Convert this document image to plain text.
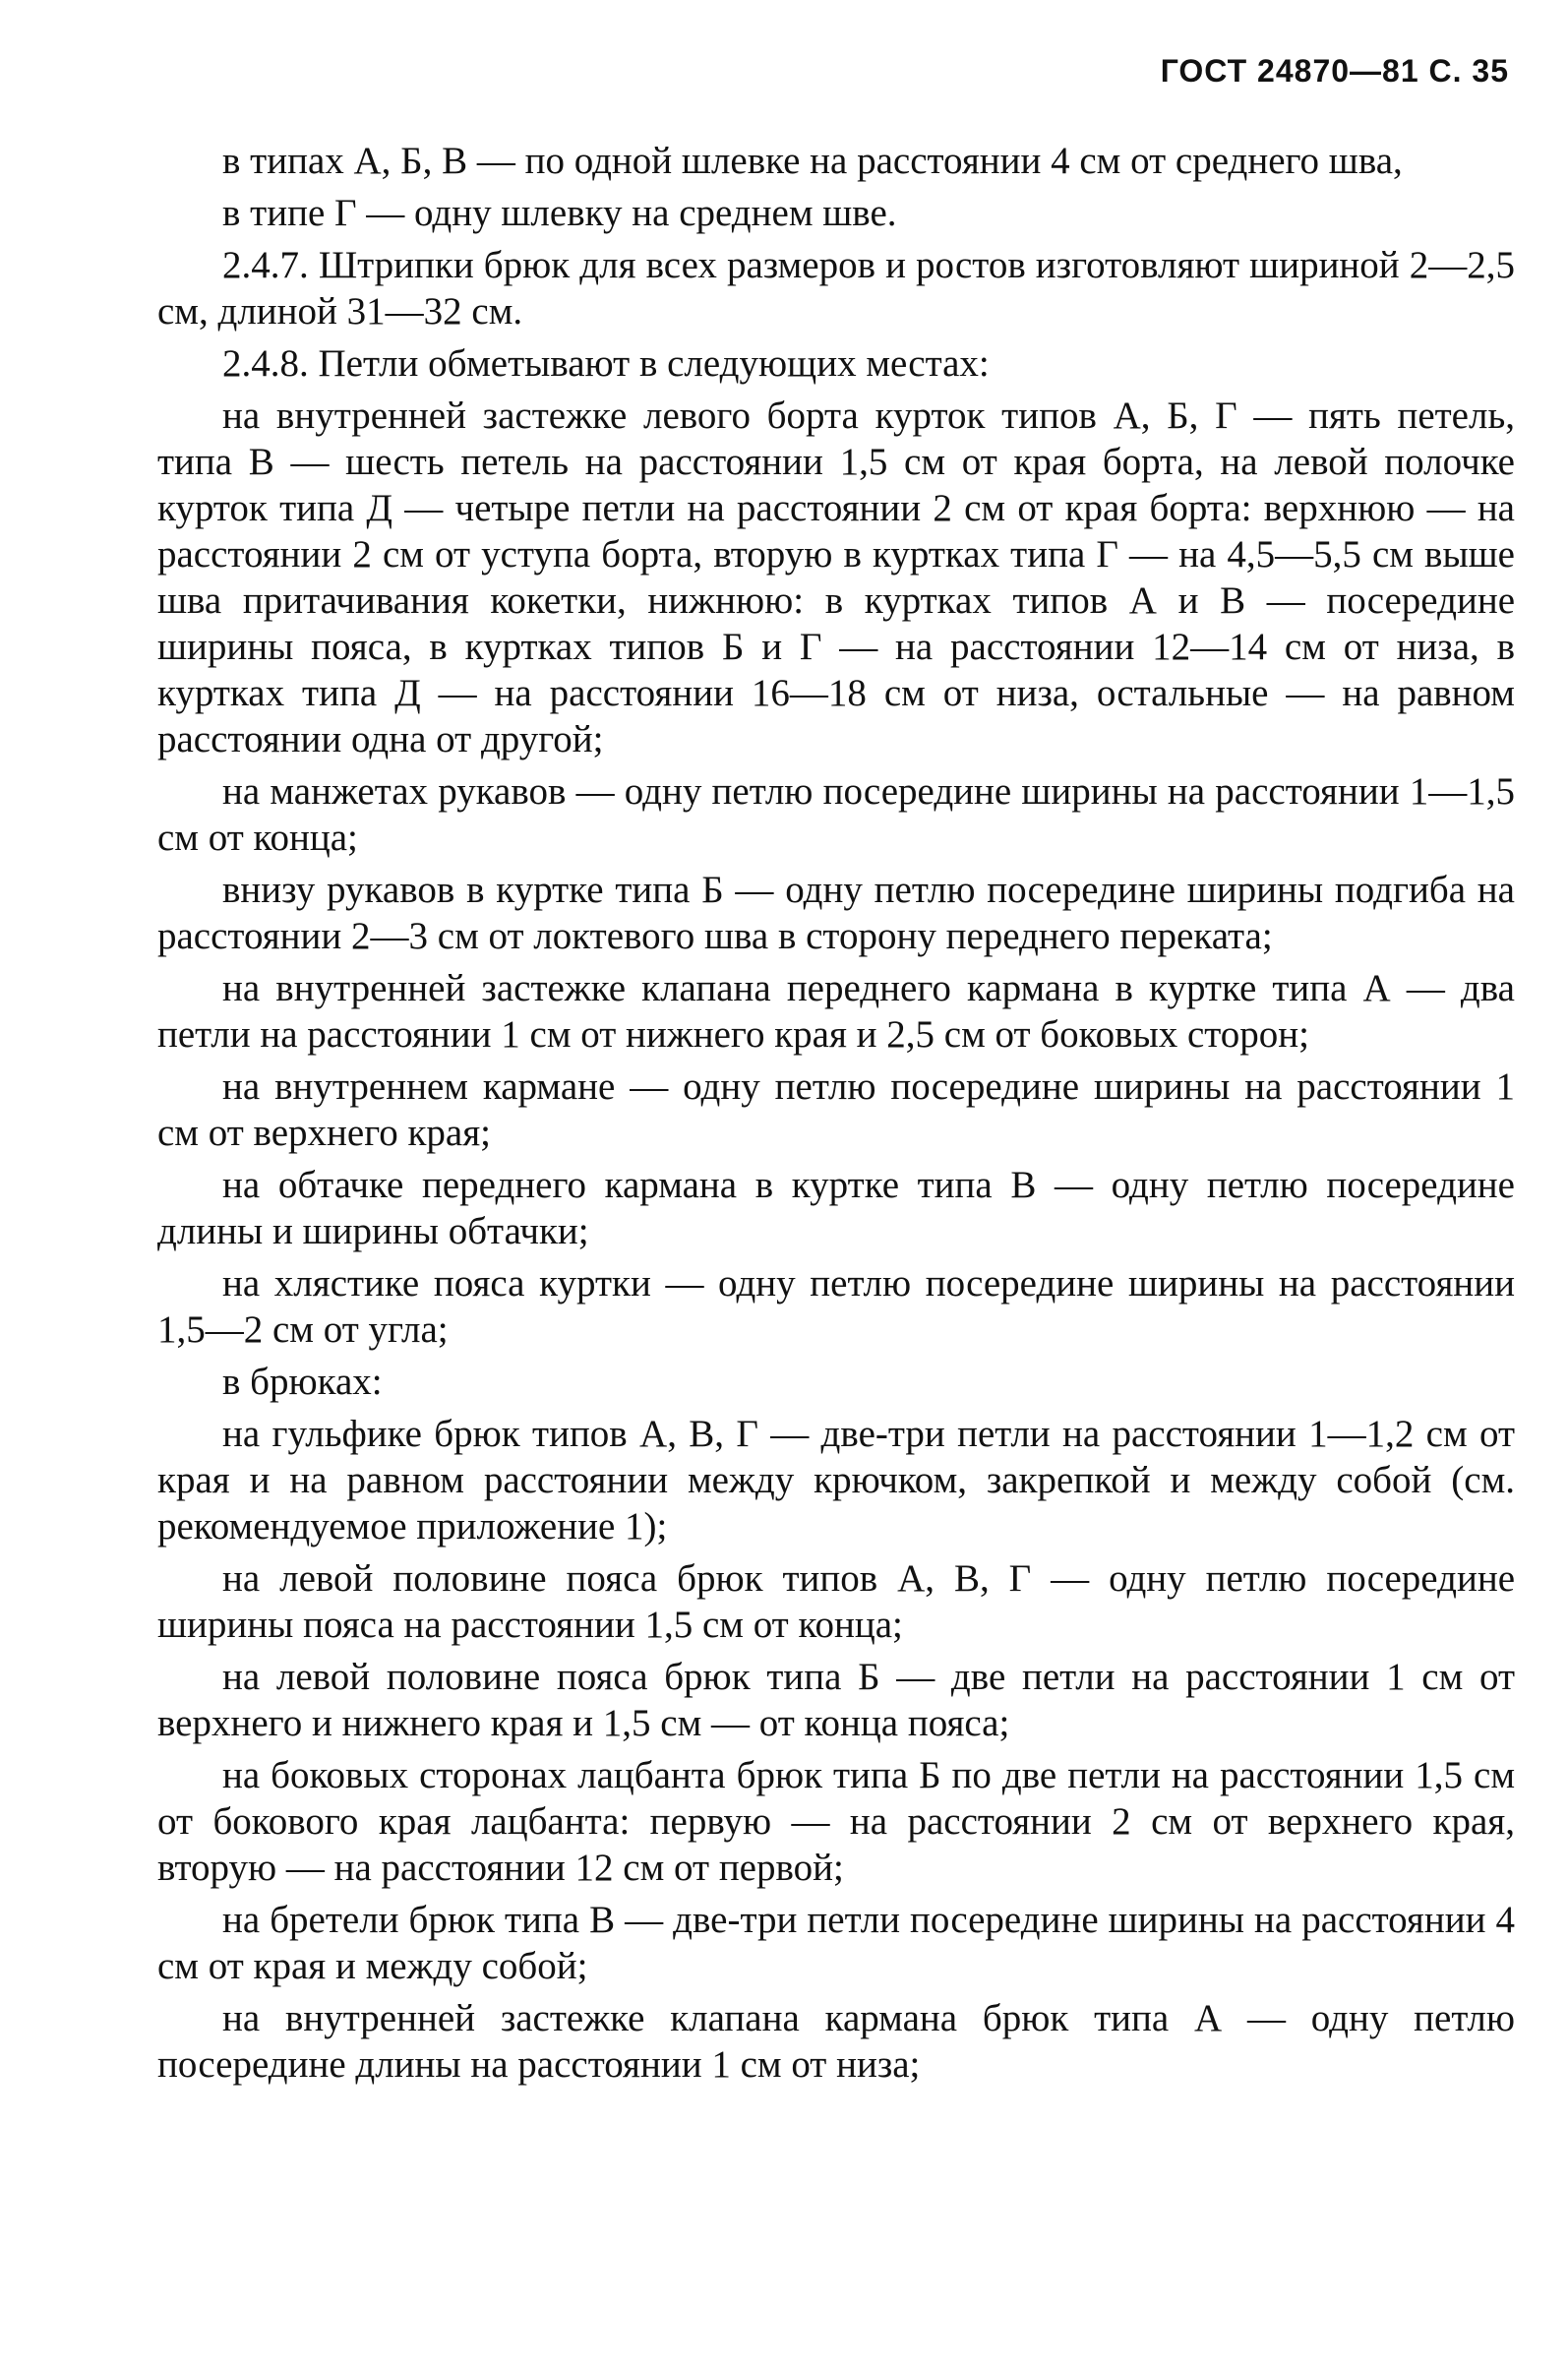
ГОСТ 24870—81 С. 35

в типах А, Б, В — по одной шлевке на расстоянии 4 см от среднего шва,

в типе Г — одну шлевку на среднем шве.

2.4.7. Штрипки брюк для всех размеров и ростов изготовляют шириной 2—2,5 см, длиной 31—32 см.

2.4.8. Петли обметывают в следующих местах:

на внутренней застежке левого борта курток типов А, Б, Г — пять петель, типа В — шесть петель на расстоянии 1,5 см от края борта, на левой полочке курток типа Д — четыре петли на расстоянии 2 см от края борта: верхнюю — на расстоянии 2 см от уступа борта, вторую в куртках типа Г — на 4,5—5,5 см выше шва притачивания кокетки, нижнюю: в куртках типов А и В — посередине ширины пояса, в куртках типов Б и Г — на расстоянии 12—14 см от низа, в куртках типа Д — на расстоянии 16—18 см от низа, остальные — на равном расстоянии одна от другой;

на манжетах рукавов — одну петлю посередине ширины на расстоянии 1—1,5 см от конца;

внизу рукавов в куртке типа Б — одну петлю посередине ширины подгиба на расстоянии 2—3 см от локтевого шва в сторону переднего переката;

на внутренней застежке клапана переднего кармана в куртке типа А — два петли на расстоянии 1 см от нижнего края и 2,5 см от боковых сторон;

на внутреннем кармане — одну петлю посередине ширины на расстоянии 1 см от верхнего края;

на обтачке переднего кармана в куртке типа В — одну петлю посередине длины и ширины обтачки;

на хлястике пояса куртки — одну петлю посередине ширины на расстоянии 1,5—2 см от угла;

в брюках:

на гульфике брюк типов А, В, Г — две-три петли на расстоянии 1—1,2 см от края и на равном расстоянии между крючком, закрепкой и между собой (см. рекомендуемое приложение 1);

на левой половине пояса брюк типов А, В, Г — одну петлю посередине ширины пояса на расстоянии 1,5 см от конца;

на левой половине пояса брюк типа Б — две петли на расстоянии 1 см от верхнего и нижнего края и 1,5 см — от конца пояса;

на боковых сторонах лацбанта брюк типа Б по две петли на расстоянии 1,5 см от бокового края лацбанта: первую — на расстоянии 2 см от верхнего края, вторую — на расстоянии 12 см от первой;

на бретели брюк типа В — две-три петли посередине ширины на расстоянии 4 см от края и между собой;

на внутренней застежке клапана кармана брюк типа А — одну петлю посередине длины на расстоянии 1 см от низа;
